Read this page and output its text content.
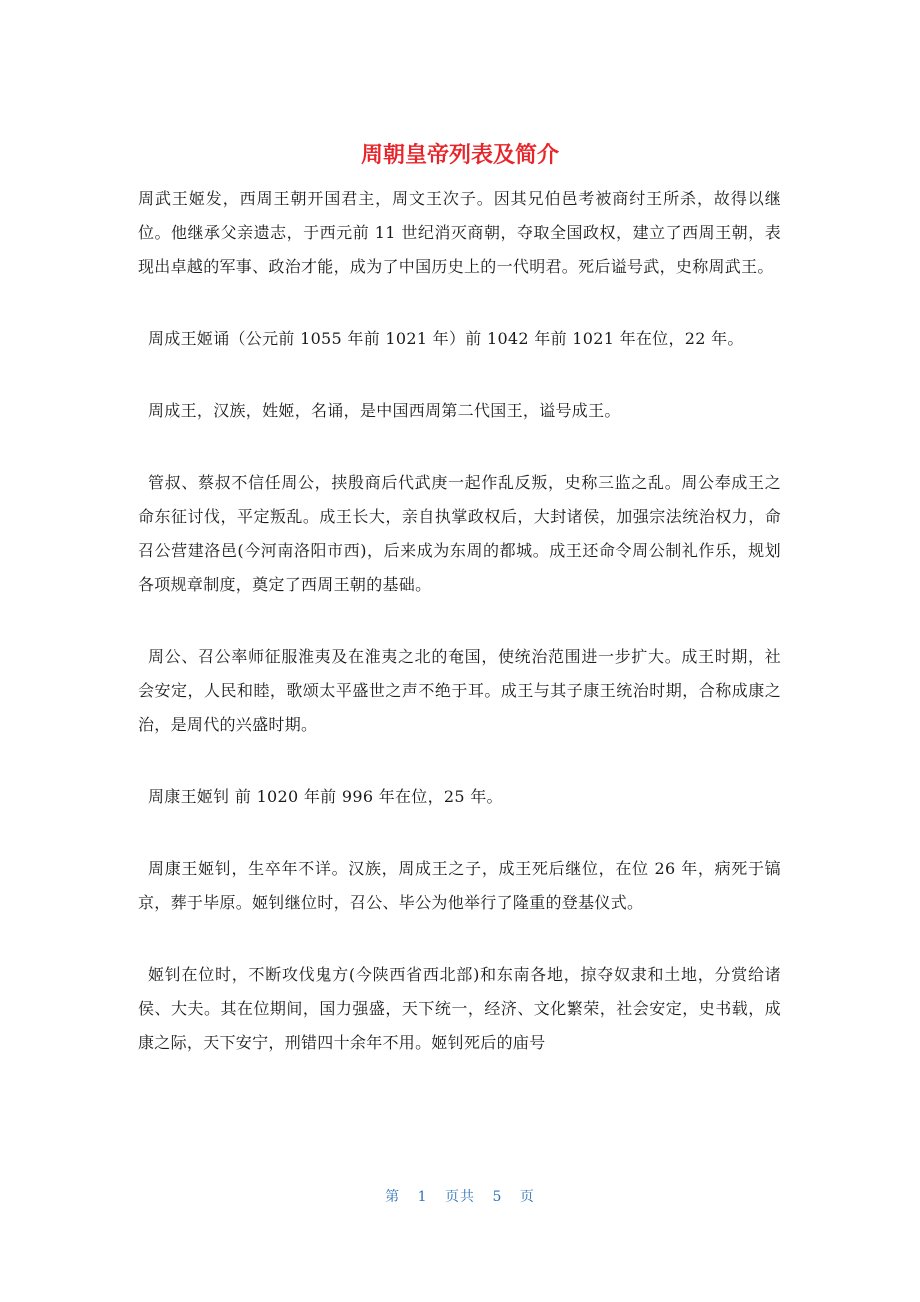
周朝皇帝列表及简介

周武王姬发，西周王朝开国君主，周文王次子。因其兄伯邑考被商纣王所杀，故得以继位。他继承父亲遗志，于西元前 11 世纪消灭商朝，夺取全国政权，建立了西周王朝，表现出卓越的军事、政治才能，成为了中国历史上的一代明君。死后谥号武，史称周武王。

周成王姬诵（公元前 1055 年前 1021 年）前 1042 年前 1021 年在位，22 年。

周成王，汉族，姓姬，名诵，是中国西周第二代国王，谥号成王。

管叔、蔡叔不信任周公，挟殷商后代武庚一起作乱反叛，史称三监之乱。周公奉成王之命东征讨伐，平定叛乱。成王长大，亲自执掌政权后，大封诸侯，加强宗法统治权力，命召公营建洛邑(今河南洛阳市西)，后来成为东周的都城。成王还命令周公制礼作乐，规划各项规章制度，奠定了西周王朝的基础。

周公、召公率师征服淮夷及在淮夷之北的奄国，使统治范围进一步扩大。成王时期，社会安定，人民和睦，歌颂太平盛世之声不绝于耳。成王与其子康王统治时期，合称成康之治，是周代的兴盛时期。

周康王姬钊 前 1020 年前 996 年在位，25 年。

周康王姬钊，生卒年不详。汉族，周成王之子，成王死后继位，在位 26 年，病死于镐京，葬于毕原。姬钊继位时，召公、毕公为他举行了隆重的登基仪式。

姬钊在位时，不断攻伐鬼方(今陕西省西北部)和东南各地，掠夺奴隶和土地，分赏给诸侯、大夫。其在位期间，国力强盛，天下统一，经济、文化繁荣，社会安定，史书载，成康之际，天下安宁，刑错四十余年不用。姬钊死后的庙号

第 1 页共 5 页
